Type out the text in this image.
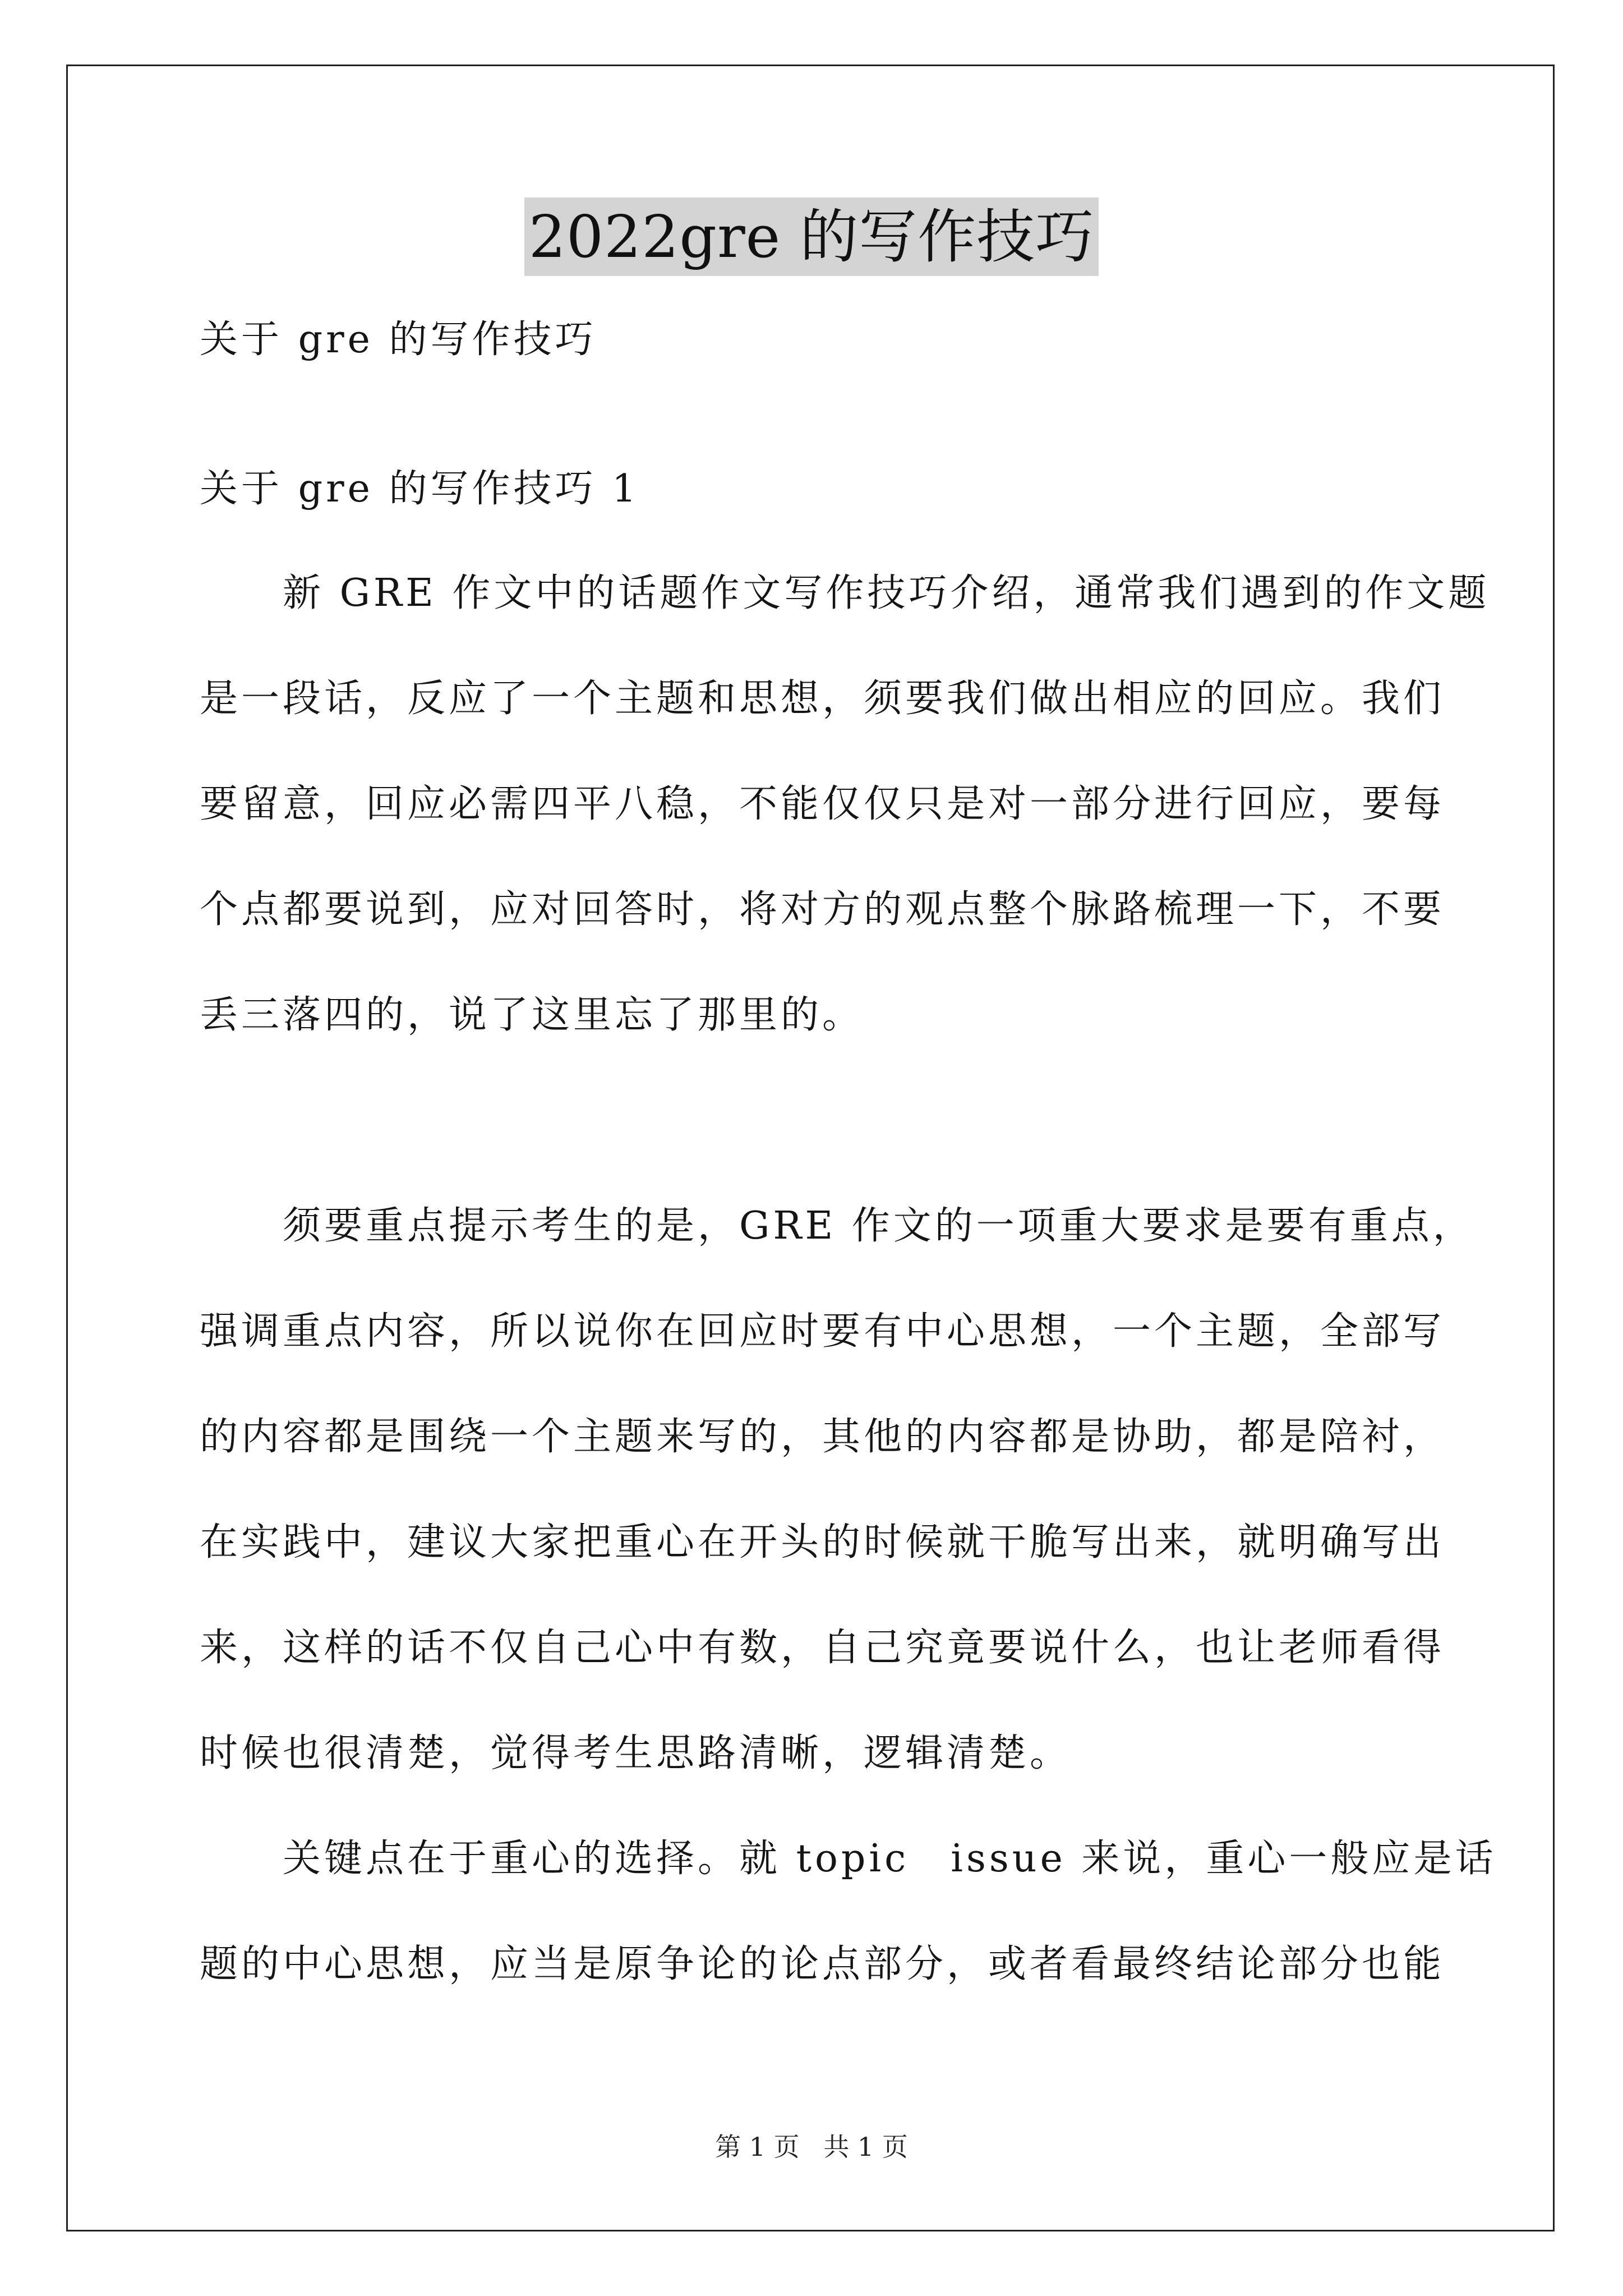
2022gre 的写作技巧
关于 gre 的写作技巧
关于 gre 的写作技巧 1
　　新 GRE 作文中的话题作文写作技巧介绍，通常我们遇到的作文题
是一段话，反应了一个主题和思想，须要我们做出相应的回应。我们
要留意，回应必需四平八稳，不能仅仅只是对一部分进行回应，要每
个点都要说到，应对回答时，将对方的观点整个脉路梳理一下，不要
丢三落四的，说了这里忘了那里的。
　　须要重点提示考生的是，GRE 作文的一项重大要求是要有重点，
强调重点内容，所以说你在回应时要有中心思想，一个主题，全部写
的内容都是围绕一个主题来写的，其他的内容都是协助，都是陪衬，
在实践中，建议大家把重心在开头的时候就干脆写出来，就明确写出
来，这样的话不仅自己心中有数，自己究竟要说什么，也让老师看得
时候也很清楚，觉得考生思路清晰，逻辑清楚。
　　关键点在于重心的选择。就 topic　issue 来说，重心一般应是话
题的中心思想，应当是原争论的论点部分，或者看最终结论部分也能
第 1 页 共 1 页
